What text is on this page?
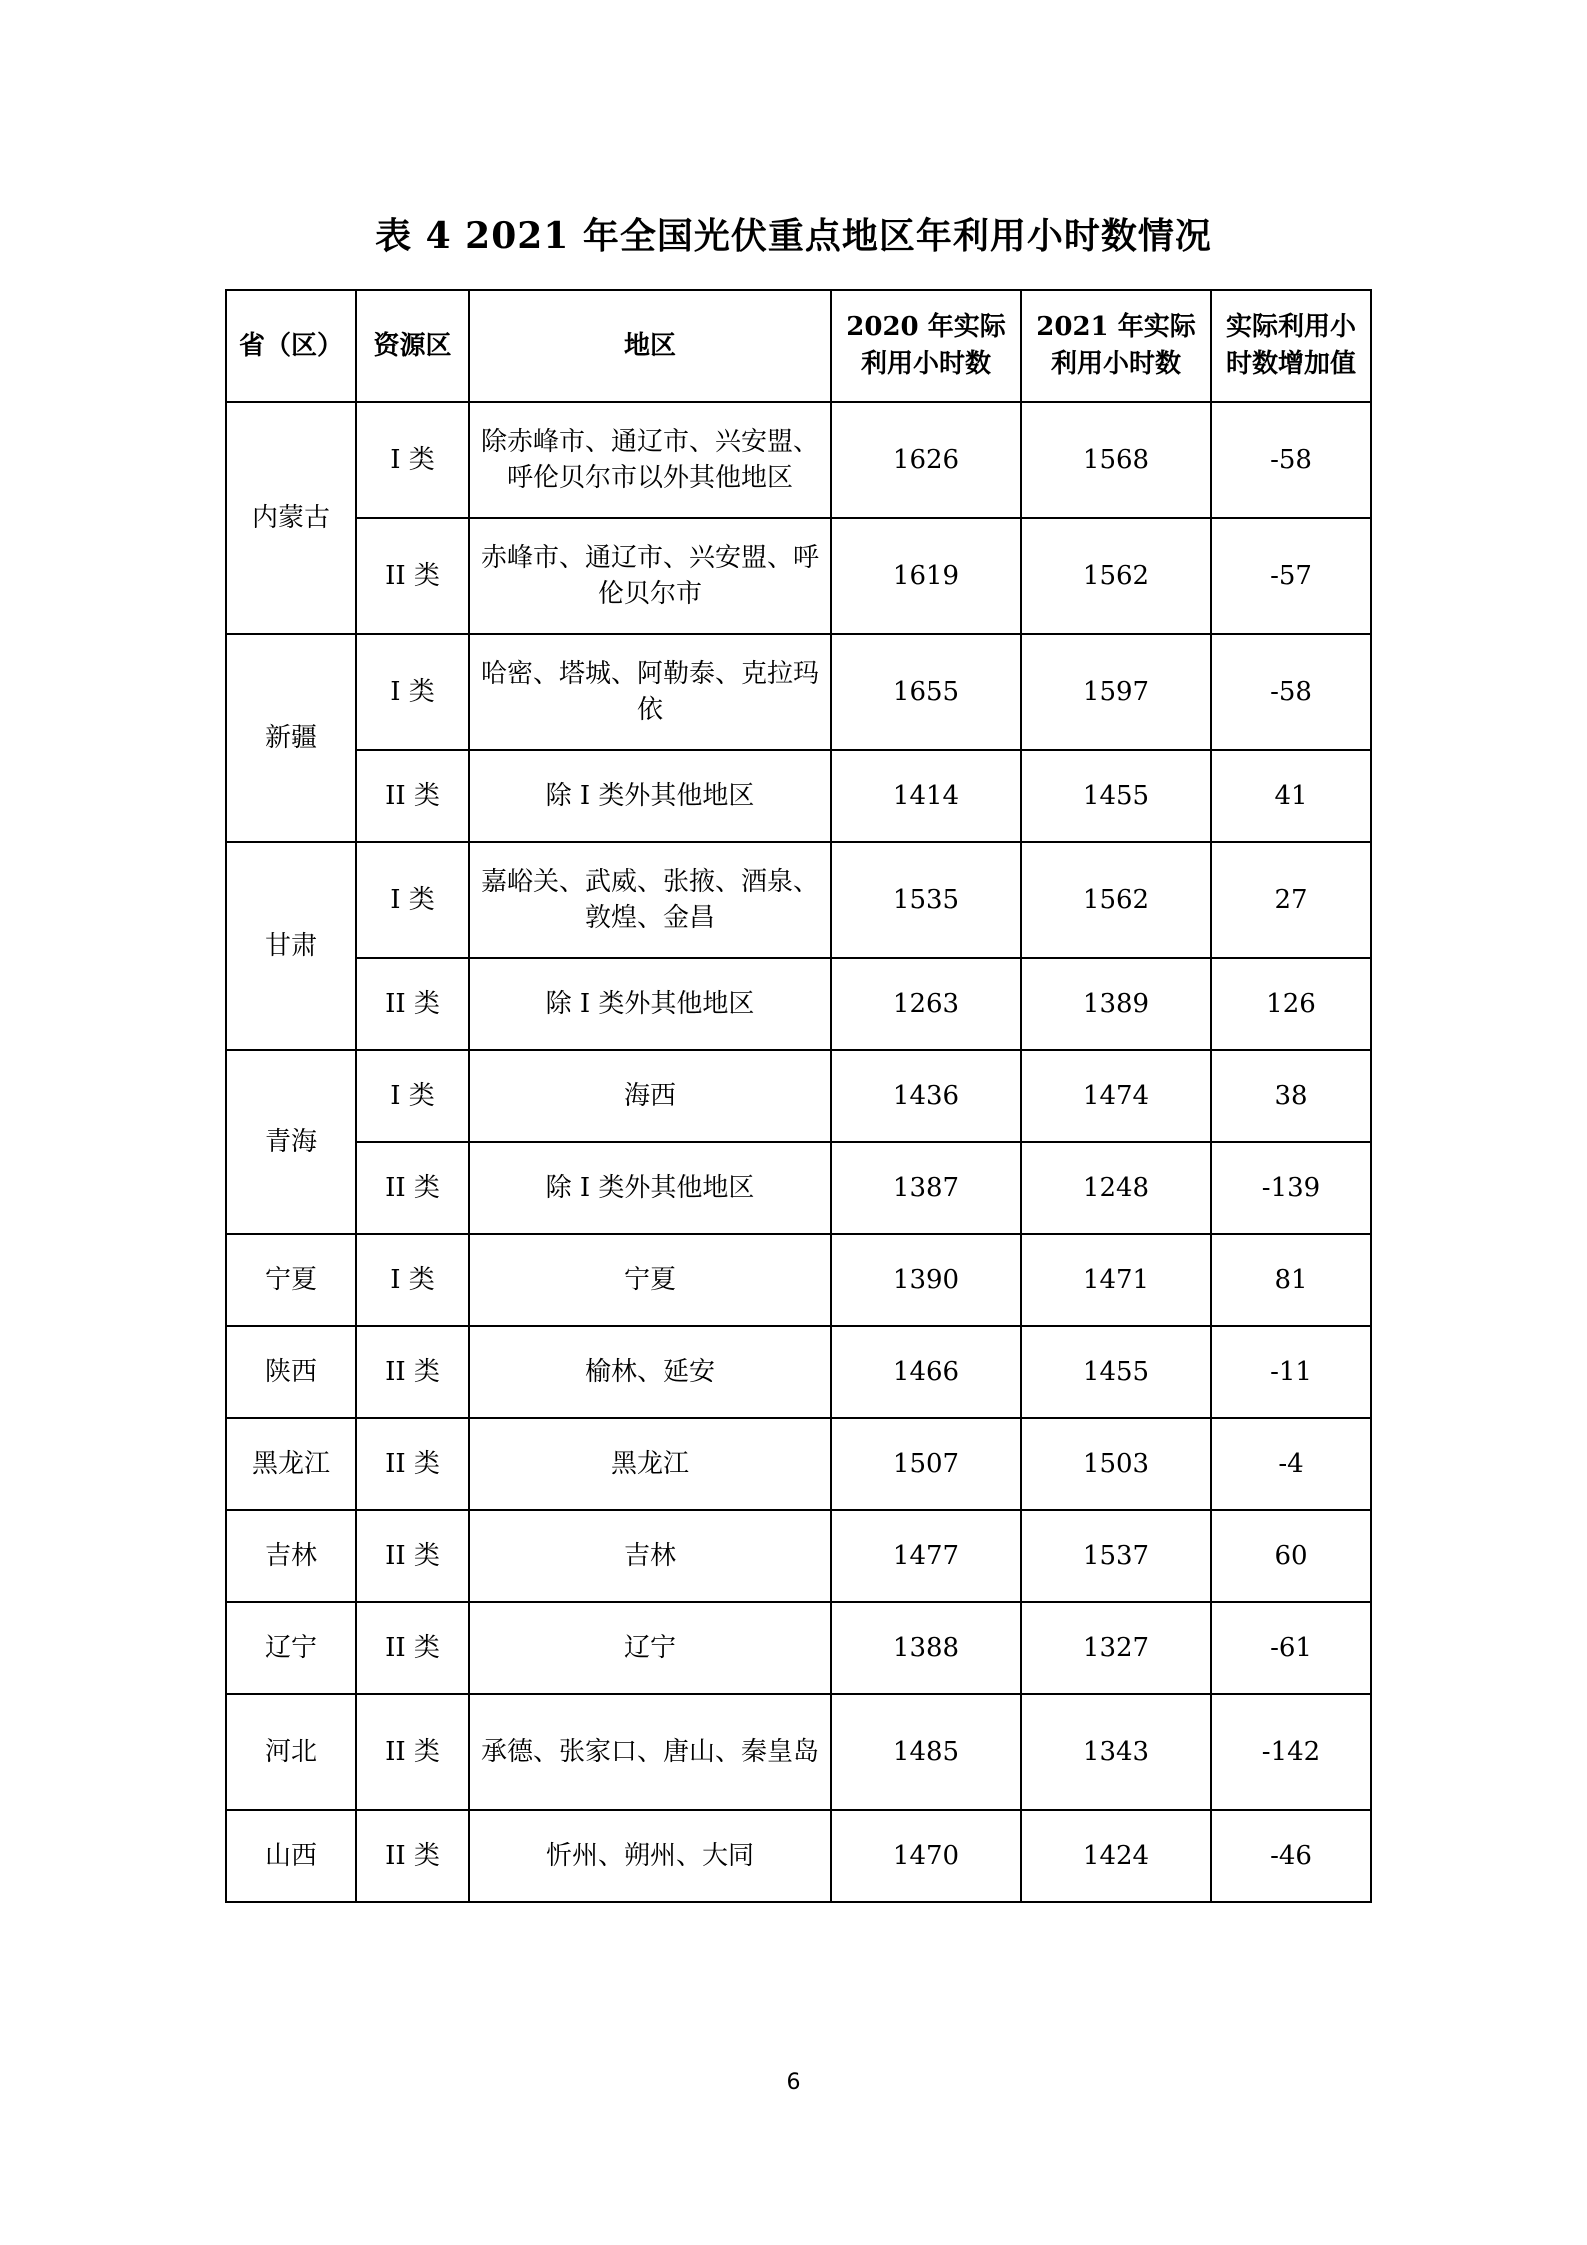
表 4 2021 年全国光伏重点地区年利用小时数情况
省（区）	资源区	地区	2020 年实际利用小时数	2021 年实际利用小时数	实际利用小时数增加值
内蒙古	I 类	除赤峰市、通辽市、兴安盟、呼伦贝尔市以外其他地区	1626	1568	-58
	II 类	赤峰市、通辽市、兴安盟、呼伦贝尔市	1619	1562	-57
新疆	I 类	哈密、塔城、阿勒泰、克拉玛依	1655	1597	-58
	II 类	除 I 类外其他地区	1414	1455	41
甘肃	I 类	嘉峪关、武威、张掖、酒泉、敦煌、金昌	1535	1562	27
	II 类	除 I 类外其他地区	1263	1389	126
青海	I 类	海西	1436	1474	38
	II 类	除 I 类外其他地区	1387	1248	-139
宁夏	I 类	宁夏	1390	1471	81
陕西	II 类	榆林、延安	1466	1455	-11
黑龙江	II 类	黑龙江	1507	1503	-4
吉林	II 类	吉林	1477	1537	60
辽宁	II 类	辽宁	1388	1327	-61
河北	II 类	承德、张家口、唐山、秦皇岛	1485	1343	-142
山西	II 类	忻州、朔州、大同	1470	1424	-46
6
